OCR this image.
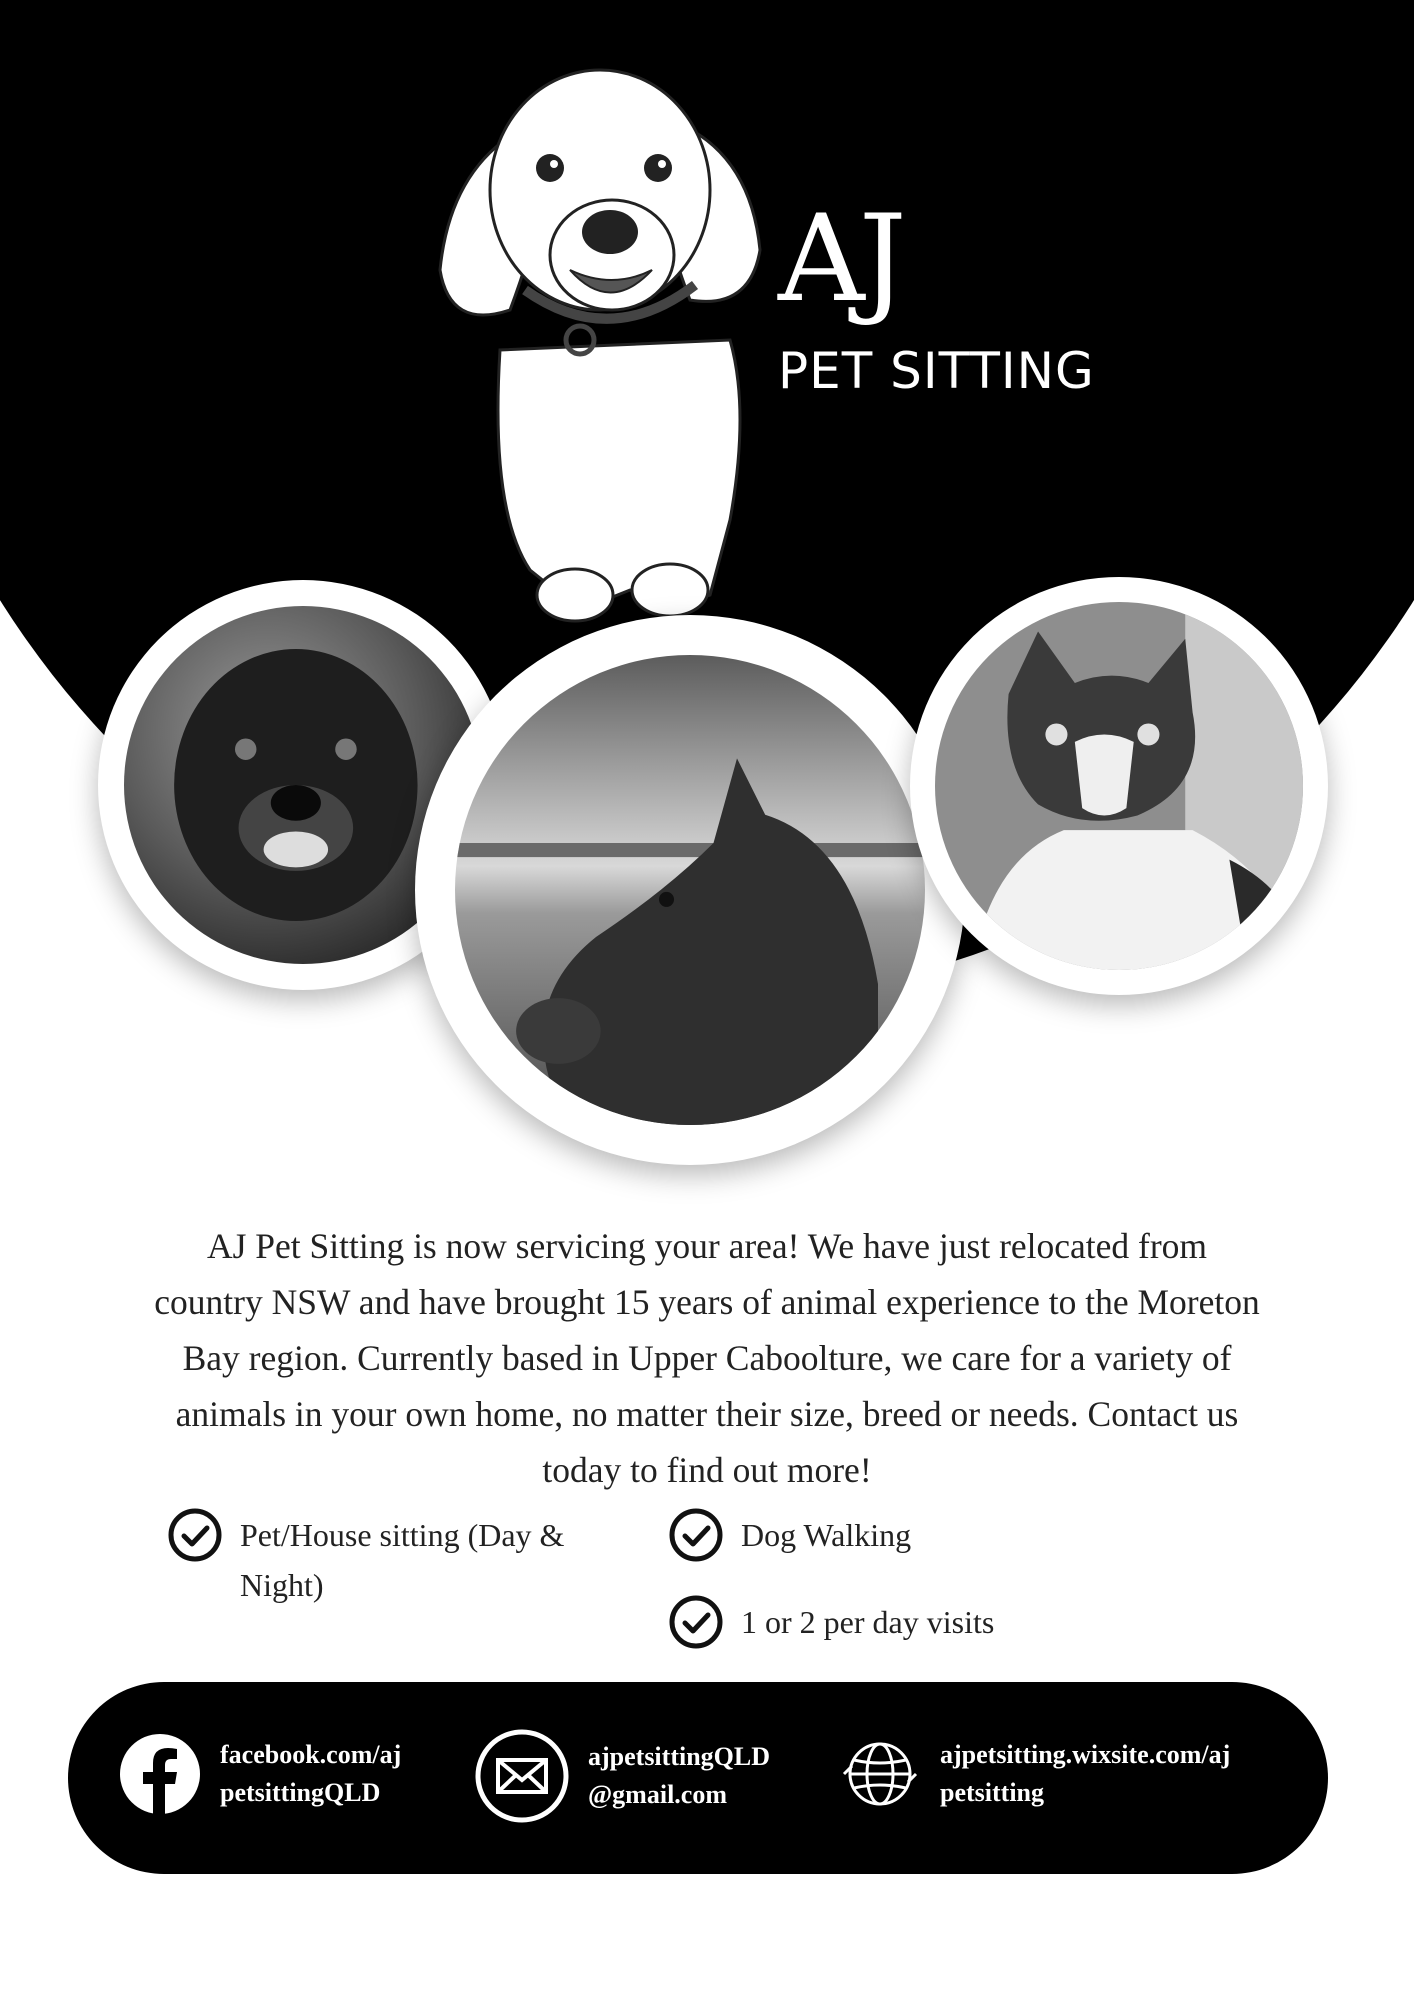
AJ
PET SITTING

AJ Pet Sitting is now servicing your area! We have just relocated from country NSW and have brought 15 years of animal experience to the Moreton Bay region. Currently based in Upper Caboolture, we care for a variety of animals in your own home, no matter their size, breed or needs. Contact us today to find out more!

Pet/House sitting (Day & Night)
Dog Walking
1 or 2 per day visits
facebook.com/aj
petsittingQLD
ajpetsittingQLD
@gmail.com
ajpetsitting.wixsite.com/aj
petsitting
